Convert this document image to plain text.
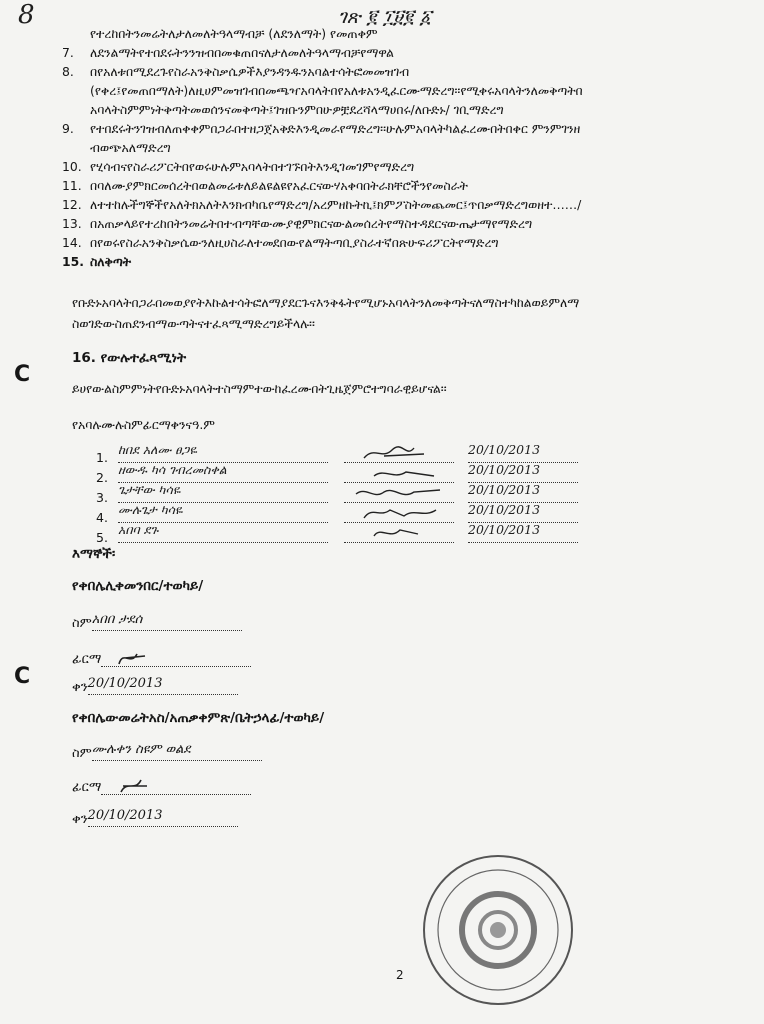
8	ገጽ ፪ ፲፱፪ ፩
የተረከበትንመሬትለታለመለትዓላማብቻ (ለደንለማት) የመጠቀም
7.	ለደንልማትየተበደሩትንንዝብበመቁጠበናለታለመለትዓላማብቻየማዋል
8.	በየአለቱበሚደረጉየስራአንቅስቃሴዎችእያንዳንዱንአባልተሳትፎመመዝገብ
(የቀረ፤የመጠበማለት)ለዚሀምመዝገብበመጫዣአባላትበየአለቱአንዲፈርሙማድረግ፡፡የሚቀሩአባላትንለመቅጣትበ
አባላትስምምነትቅጣትመወሰንናመቅጣት፤ገዝቡንምበሁዎቿደረሻላማሀበሩ/ለቡድኑ/ ገቢማድረግ
9.	የተበደሩትንገዝብለጠቀቀምበጋራበተዘጋጀአቅድእንዲመራየማድረግ፡፡ሁሉምአባላትካልፈረሙበትበቀር ምንምገንዘ
ብወጭአለማድረግ
10. የሂሳብናየስራሪፖርትበየወሩሁሉምአባላትበተገኙበትእንዲገመገምየማድረግ
11. በባለሙያምክርመሰረትበወልመሬቱለይልዩልዩየአፈርናውሃአቀባበትራክቸሮችንየመስራት
12. ለተተከሉችግኞችየአለትክአለትእንክብካቤየማድረግ/አረምዘኩትኪ፤ክምፖስትመጨመር፤ጥበቃማድረግወዘተ……/
13. በአጠቃላይየተረከበትንመሬትበተብጣቸውሙያዊምክርናውልመሰረትየማስተዳደርናውጤታማየማድረግ
14. በየወሩየስራአንቅስቃሴውንለዚሀስራለተመደበውየልማትጣቢያስራተኛበጽሁፍሪፖርትየማድረግ
15. ስለቅጣት
የቡድኑአባላትበጋራበመወያየትእኩልተሳትፎለማያደርጉናእንቅፋትየሚሆኑአባላትንለመቅጣትናለማስተካከልወይምለማ
ስወገድውስጠደንብማውጣትናተፈጻሚማድረግይችላሉ፡፡
16. የውሉተፈጻሚነት
ይሀየውልስምምነትየቡድኑአባላትተስማምተውከፈረሙበትጊዜጀምሮተግባራዊይሆናል፡፡
የአባሉሙሉስምፊርማቀንናዓ.ም
1.
ከበደ አለሙ ፀጋዬ	20/10/2013
2.
ዘውዱ ካሳ ገብረመስቀል	20/10/2013
3.
ጌታቸው ካሳዬ	20/10/2013
4.
ሙሉጌታ ካሳዬ	20/10/2013
5.
አበባ ደጉ	20/10/2013
እማኞች፡
የቀበሌሊቀመንበር/ተወካይ/
ስምአበበ ታደሰ
ፊርማ
ቀን20/10/2013
የቀበሌውመሬትአስ/አጠቃቀምጽ/ቤትኃላፊ/ተወካይ/
ስምሙሉቀን ስዩም ወልደ
ፊርማ
ቀን20/10/2013
C
C
2
